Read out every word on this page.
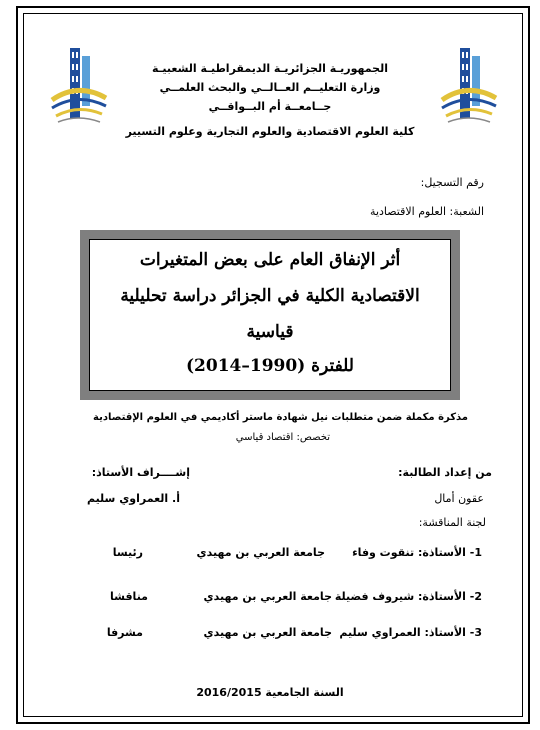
الجمهوريـة الجزائريـة الديمقراطيـة الشعبيـة
وزارة التعليــم العــالــي والبحث العلمــي
جــامعــة أم البــواقــي
كلية العلوم الاقتصادية والعلوم التجارية وعلوم التسيير
رقم التسجيل:
الشعبة: العلوم الاقتصادية
أثر الإنفاق العام على بعض المتغيرات
الاقتصادية الكلية في الجزائر دراسة تحليلية
قياسية
للفترة (1990–2014)
مذكرة مكملة ضمن متطلبات نيل شهادة ماستر أكاديمي في العلوم الإقتصادية
تخصص: اقتصاد قياسي
من إعداد الطالبة:
إشــــراف الأستاذ:
عقون أمال
أ. العمراوي سليم
لجنة المناقشة:
1- الأستاذة: تنقوت وفاء
جامعة العربي بن مهيدي
رئيسا
2- الأستاذة: شيروف فضيلة
جامعة العربي بن مهيدي
مناقشا
3- الأستاذ: العمراوي سليم
جامعة العربي بن مهيدي
مشرفا
السنة الجامعية 2016/2015
